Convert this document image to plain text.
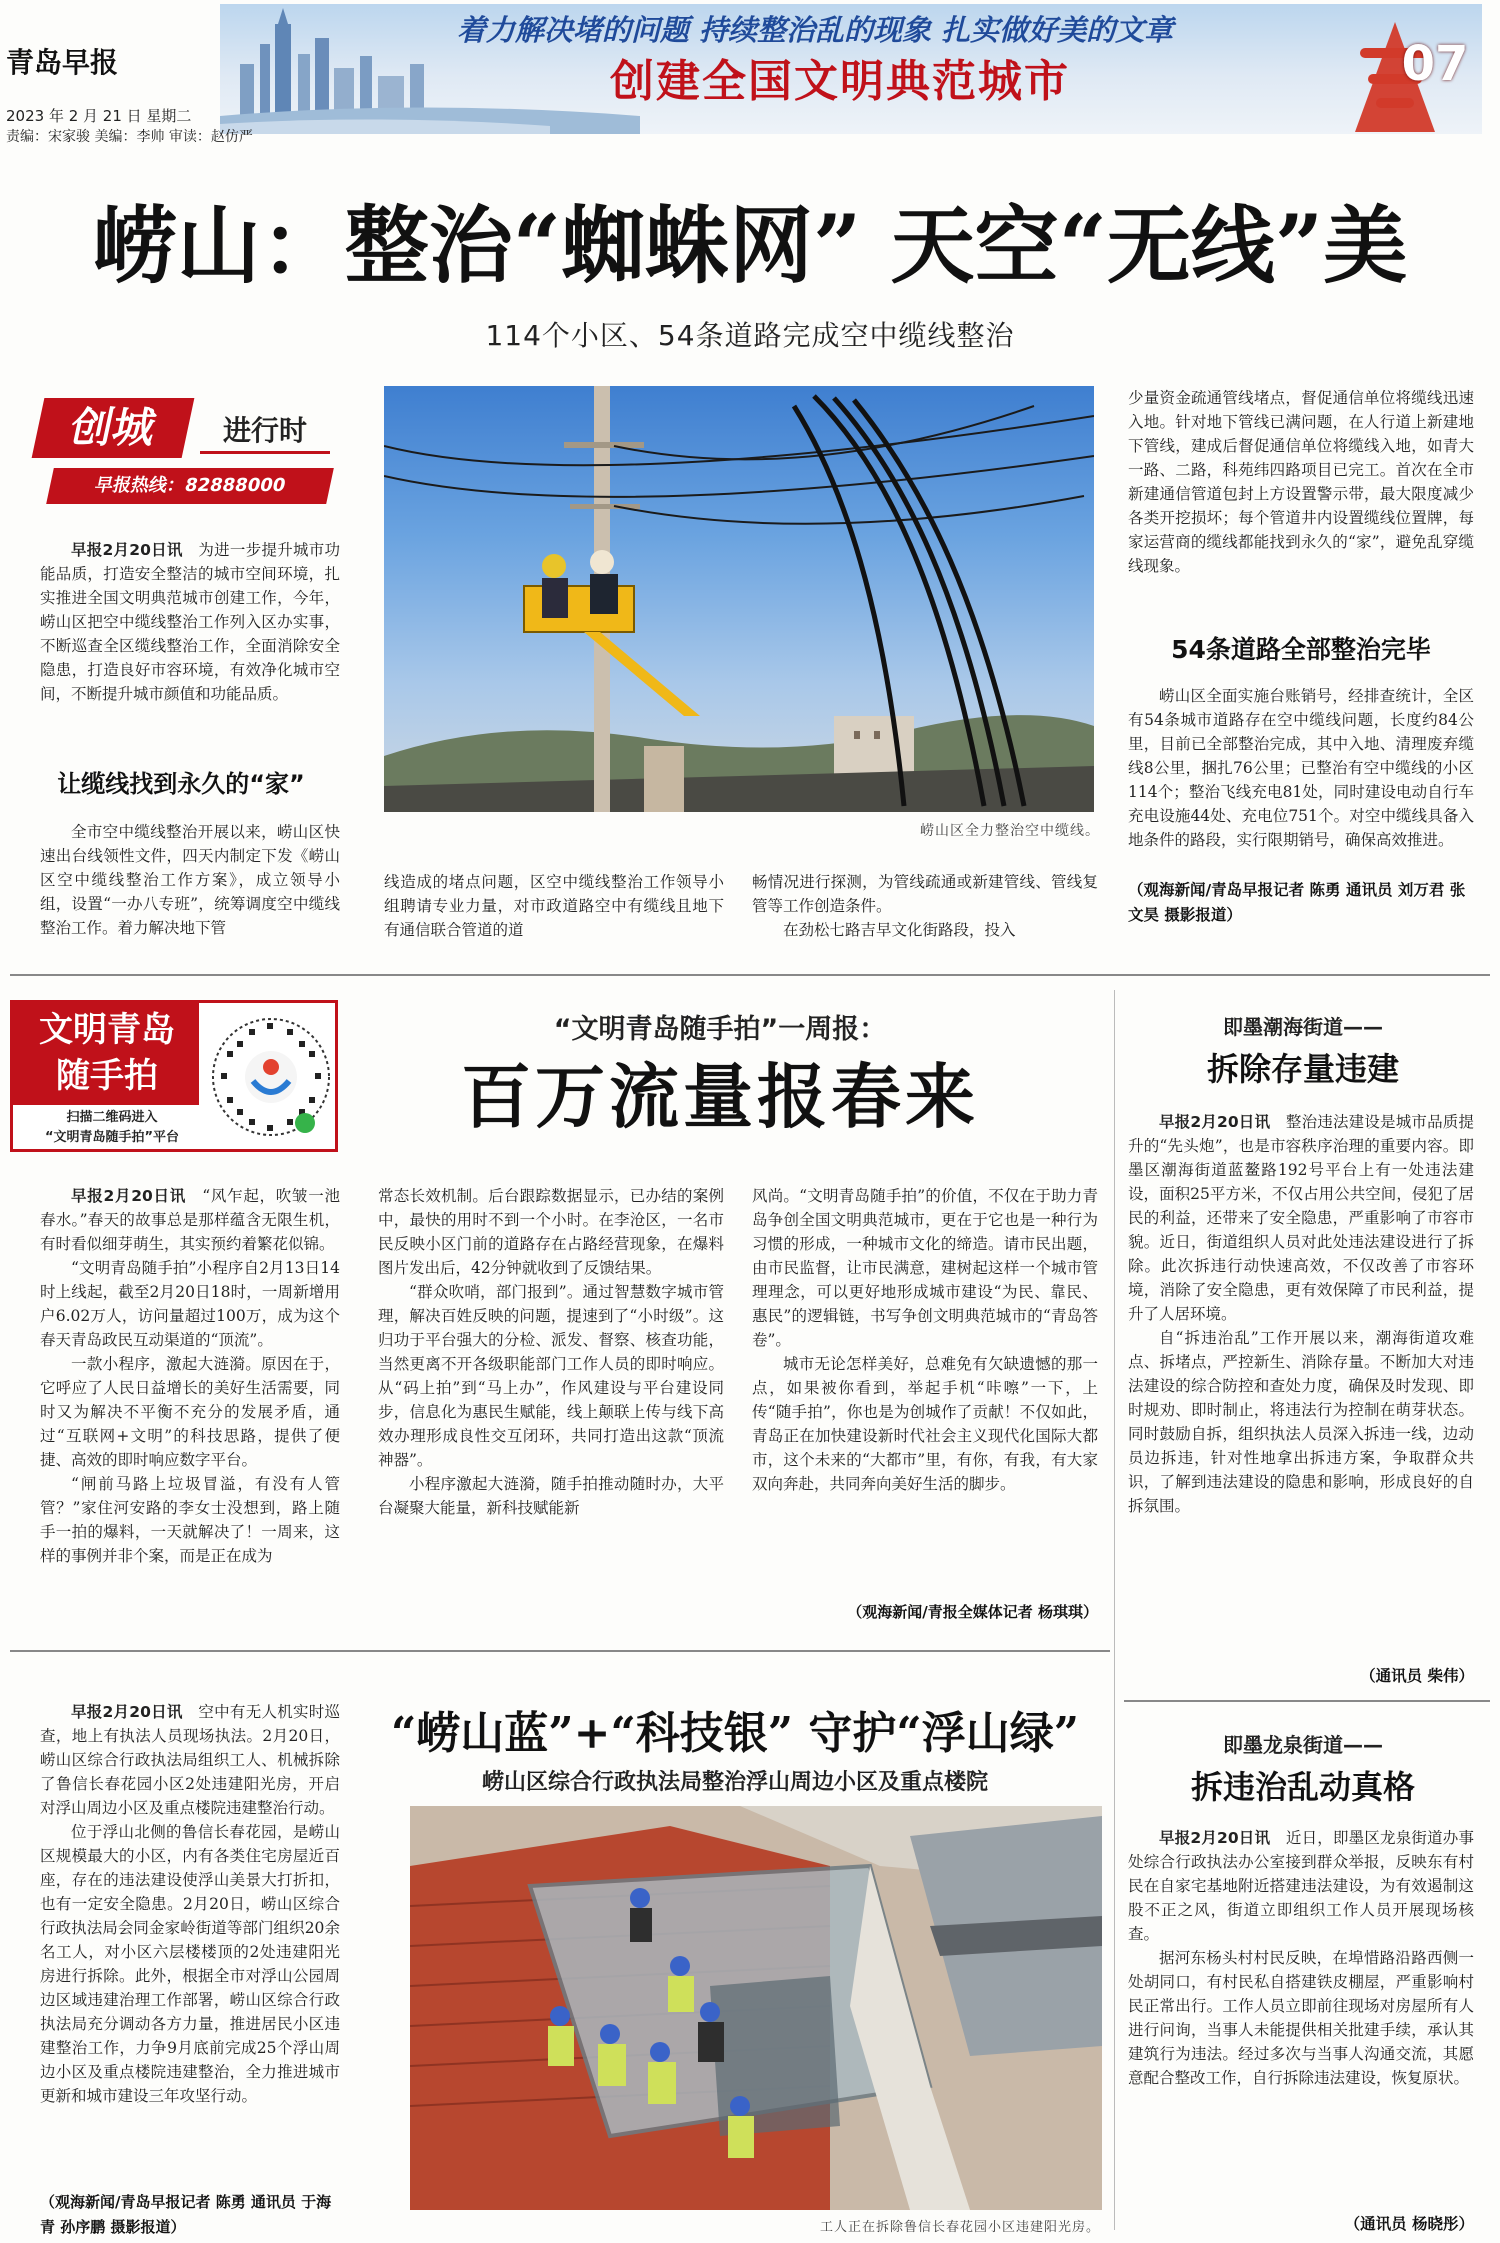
着力解决堵的问题 持续整治乱的现象 扎实做好美的文章
创建全国文明典范城市	07
青岛早报
2023 年 2 月 21 日 星期二
责编：宋家骏 美编：李帅 审读：赵仿严
崂山：整治“蜘蛛网” 天空“无线”美
114个小区、54条道路完成空中缆线整治
创城	进行时
早报热线：82888000
早报2月20日讯　 为进一步提升城市功能品质，打造安全整洁的城市空间环境，扎实推进全国文明典范城市创建工作，今年，崂山区把空中缆线整治工作列入区办实事，不断巡查全区缆线整治工作，全面消除安全隐患，打造良好市容环境，有效净化城市空间，不断提升城市颜值和功能品质。
让缆线找到永久的“家”
全市空中缆线整治开展以来，崂山区快速出台线领性文件，四天内制定下发《崂山区空中缆线整治工作方案》，成立领导小组，设置“一办八专班”，统筹调度空中缆线整治工作。着力解决地下管
崂山区全力整治空中缆线。
线造成的堵点问题，区空中缆线整治工作领导小组聘请专业力量，对市政道路空中有缆线且地下有通信联合管道的道
畅情况进行探测，为管线疏通或新建管线、管线复管等工作创造条件。
在劲松七路吉早文化街路段，投入
少量资金疏通管线堵点，督促通信单位将缆线迅速入地。针对地下管线已满问题，在人行道上新建地下管线，建成后督促通信单位将缆线入地，如青大一路、二路，科苑纬四路项目已完工。首次在全市新建通信管道包封上方设置警示带，最大限度减少各类开挖损坏；每个管道井内设置缆线位置牌，每家运营商的缆线都能找到永久的“家”，避免乱穿缆线现象。
54条道路全部整治完毕
崂山区全面实施台账销号，经排查统计，全区有54条城市道路存在空中缆线问题，长度约84公里，目前已全部整治完成，其中入地、清理废弃缆线8公里，捆扎76公里；已整治有空中缆线的小区114个；整治飞线充电81处，同时建设电动自行车充电设施44处、充电位751个。对空中缆线具备入地条件的路段，实行限期销号，确保高效推进。
（观海新闻/青岛早报记者 陈勇 通讯员 刘万君 张文昊 摄影报道）
文明青岛
随手拍
扫描二维码进入
“文明青岛随手拍”平台
“文明青岛随手拍”一周报：
百万流量报春来
早报2月20日讯　 “风乍起，吹皱一池春水。”春天的故事总是那样蕴含无限生机，有时看似细芽萌生，其实预约着繁花似锦。
“文明青岛随手拍”小程序自2月13日14时上线起，截至2月20日18时，一周新增用户6.02万人，访问量超过100万，成为这个春天青岛政民互动渠道的“顶流”。
一款小程序，激起大涟漪。原因在于，它呼应了人民日益增长的美好生活需要，同时又为解决不平衡不充分的发展矛盾，通过“互联网+文明”的科技思路，提供了便捷、高效的即时响应数字平台。
“闸前马路上垃圾冒溢，有没有人管管？”家住河安路的李女士没想到，路上随手一拍的爆料，一天就解决了！一周来，这样的事例并非个案，而是正在成为
常态长效机制。后台跟踪数据显示，已办结的案例中，最快的用时不到一个小时。在李沧区，一名市民反映小区门前的道路存在占路经营现象，在爆料图片发出后，42分钟就收到了反馈结果。
“群众吹哨，部门报到”。通过智慧数字城市管理，解决百姓反映的问题，提速到了“小时级”。这归功于平台强大的分检、派发、督察、核查功能，当然更离不开各级职能部门工作人员的即时响应。从“码上拍”到“马上办”，作风建设与平台建设同步，信息化为惠民生赋能，线上颠联上传与线下高效办理形成良性交互闭环，共同打造出这款“顶流神器”。
小程序激起大涟漪，随手拍推动随时办，大平台凝聚大能量，新科技赋能新
风尚。“文明青岛随手拍”的价值，不仅在于助力青岛争创全国文明典范城市，更在于它也是一种行为习惯的形成，一种城市文化的缔造。请市民出题，由市民监督，让市民满意，建树起这样一个城市管理理念，可以更好地形成城市建设“为民、靠民、惠民”的逻辑链，书写争创文明典范城市的“青岛答卷”。
城市无论怎样美好，总难免有欠缺遗憾的那一点，如果被你看到，举起手机“咔嚓”一下，上传“随手拍”，你也是为创城作了贡献！不仅如此，青岛正在加快建设新时代社会主义现代化国际大都市，这个未来的“大都市”里，有你，有我，有大家双向奔赴，共同奔向美好生活的脚步。
（观海新闻/青报全媒体记者 杨琪琪）
即墨潮海街道——
拆除存量违建
早报2月20日讯　 整治违法建设是城市品质提升的“先头炮”，也是市容秩序治理的重要内容。即墨区潮海街道蓝鳌路192号平台上有一处违法建设，面积25平方米，不仅占用公共空间，侵犯了居民的利益，还带来了安全隐患，严重影响了市容市貌。近日，街道组织人员对此处违法建设进行了拆除。此次拆违行动快速高效，不仅改善了市容环境，消除了安全隐患，更有效保障了市民利益，提升了人居环境。
自“拆违治乱”工作开展以来，潮海街道攻难点、拆堵点，严控新生、消除存量。不断加大对违法建设的综合防控和查处力度，确保及时发现、即时规劝、即时制止，将违法行为控制在萌芽状态。同时鼓励自拆，组织执法人员深入拆违一线，边动员边拆违，针对性地拿出拆违方案，争取群众共识，了解到违法建设的隐患和影响，形成良好的自拆氛围。
（通讯员 柴伟）
早报2月20日讯　 空中有无人机实时巡查，地上有执法人员现场执法。2月20日，崂山区综合行政执法局组织工人、机械拆除了鲁信长春花园小区2处违建阳光房，开启对浮山周边小区及重点楼院违建整治行动。
位于浮山北侧的鲁信长春花园，是崂山区规模最大的小区，内有各类住宅房屋近百座，存在的违法建设使浮山美景大打折扣，也有一定安全隐患。2月20日，崂山区综合行政执法局会同金家岭街道等部门组织20余名工人，对小区六层楼楼顶的2处违建阳光房进行拆除。此外，根据全市对浮山公园周边区域违建治理工作部署，崂山区综合行政执法局充分调动各方力量，推进居民小区违建整治工作，力争9月底前完成25个浮山周边小区及重点楼院违建整治，全力推进城市更新和城市建设三年攻坚行动。
（观海新闻/青岛早报记者 陈勇 通讯员 于海青 孙序鹏 摄影报道）
“崂山蓝”+“科技银” 守护“浮山绿”
崂山区综合行政执法局整治浮山周边小区及重点楼院
工人正在拆除鲁信长春花园小区违建阳光房。
即墨龙泉街道——
拆违治乱动真格
早报2月20日讯　 近日，即墨区龙泉街道办事处综合行政执法办公室接到群众举报，反映东有村民在自家宅基地附近搭建违法建设，为有效遏制这股不正之风，街道立即组织工作人员开展现场核查。
据河东杨头村村民反映，在埠惜路沿路西侧一处胡同口，有村民私自搭建铁皮棚屋，严重影响村民正常出行。工作人员立即前往现场对房屋所有人进行问询，当事人未能提供相关批建手续，承认其建筑行为违法。经过多次与当事人沟通交流，其愿意配合整改工作，自行拆除违法建设，恢复原状。
（通讯员 杨晓彤）
